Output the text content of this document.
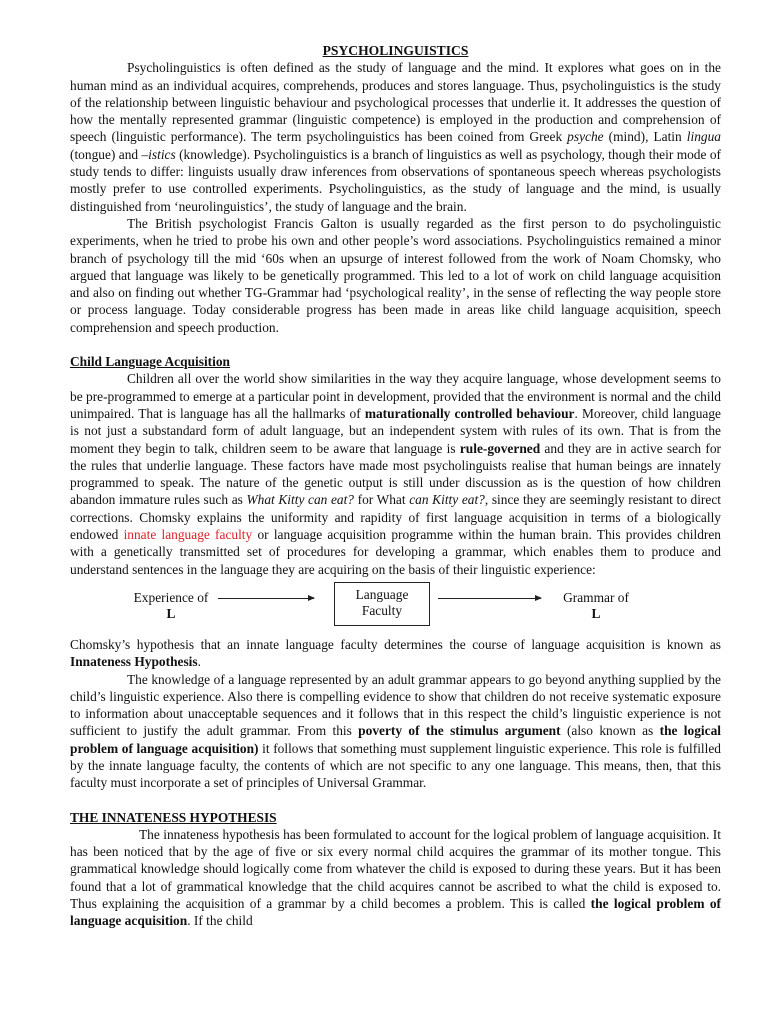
PSYCHOLINGUISTICS

Psycholinguistics is often defined as the study of language and the mind. It explores what goes on in the human mind as an individual acquires, comprehends, produces and stores language. Thus, psycholinguistics is the study of the relationship between linguistic behaviour and psychological processes that underlie it. It addresses the question of how the mentally represented grammar (linguistic competence) is employed in the production and comprehension of speech (linguistic performance). The term psycholinguistics has been coined from Greek psyche (mind), Latin lingua (tongue) and –istics (knowledge). Psycholinguistics is a branch of linguistics as well as psychology, though their mode of study tends to differ: linguists usually draw inferences from observations of spontaneous speech whereas psychologists mostly prefer to use controlled experiments. Psycholinguistics, as the study of language and the mind, is usually distinguished from ‘neurolinguistics’, the study of language and the brain.

The British psychologist Francis Galton is usually regarded as the first person to do psycholinguistic experiments, when he tried to probe his own and other people’s word associations. Psycholinguistics remained a minor branch of psychology till the mid ‘60s when an upsurge of interest followed from the work of Noam Chomsky, who argued that language was likely to be genetically programmed. This led to a lot of work on child language acquisition and also on finding out whether TG-Grammar had ‘psychological reality’, in the sense of reflecting the way people store or process language. Today considerable progress has been made in areas like child language acquisition, speech comprehension and speech production.

Child Language Acquisition

Children all over the world show similarities in the way they acquire language, whose development seems to be pre-programmed to emerge at a particular point in development, provided that the environment is normal and the child unimpaired. That is language has all the hallmarks of maturationally controlled behaviour. Moreover, child language is not just a substandard form of adult language, but an independent system with rules of its own. That is from the moment they begin to talk, children seem to be aware that language is rule-governed and they are in active search for the rules that underlie language. These factors have made most psycholinguists realise that human beings are innately programmed to speak. The nature of the genetic output is still under discussion as is the question of how children abandon immature rules such as What Kitty can eat? for What can Kitty eat?, since they are seemingly resistant to direct corrections. Chomsky explains the uniformity and rapidity of first language acquisition in terms of a biologically endowed innate language faculty or language acquisition programme within the human brain. This provides children with a genetically transmitted set of procedures for developing a grammar, which enables them to produce and understand sentences in the language they are acquiring on the basis of their linguistic experience:

Experience of
L
Language
Faculty
Grammar of
L

Chomsky’s hypothesis that an innate language faculty determines the course of language acquisition is known as Innateness Hypothesis.

The knowledge of a language represented by an adult grammar appears to go beyond anything supplied by the child’s linguistic experience. Also there is compelling evidence to show that children do not receive systematic exposure to information about unacceptable sequences and it follows that in this respect the child’s linguistic experience is not sufficient to justify the adult grammar. From this poverty of the stimulus argument (also known as the logical problem of language acquisition) it follows that something must supplement linguistic experience. This role is fulfilled by the innate language faculty, the contents of which are not specific to any one language. This means, then, that this faculty must incorporate a set of principles of Universal Grammar.

THE INNATENESS HYPOTHESIS

The innateness hypothesis has been formulated to account for the logical problem of language acquisition. It has been noticed that by the age of five or six every normal child acquires the grammar of its mother tongue. This grammatical knowledge should logically come from whatever the child is exposed to during these years. But it has been found that a lot of grammatical knowledge that the child acquires cannot be ascribed to what the child is exposed to. Thus explaining the acquisition of a grammar by a child becomes a problem. This is called the logical problem of language acquisition. If the child
